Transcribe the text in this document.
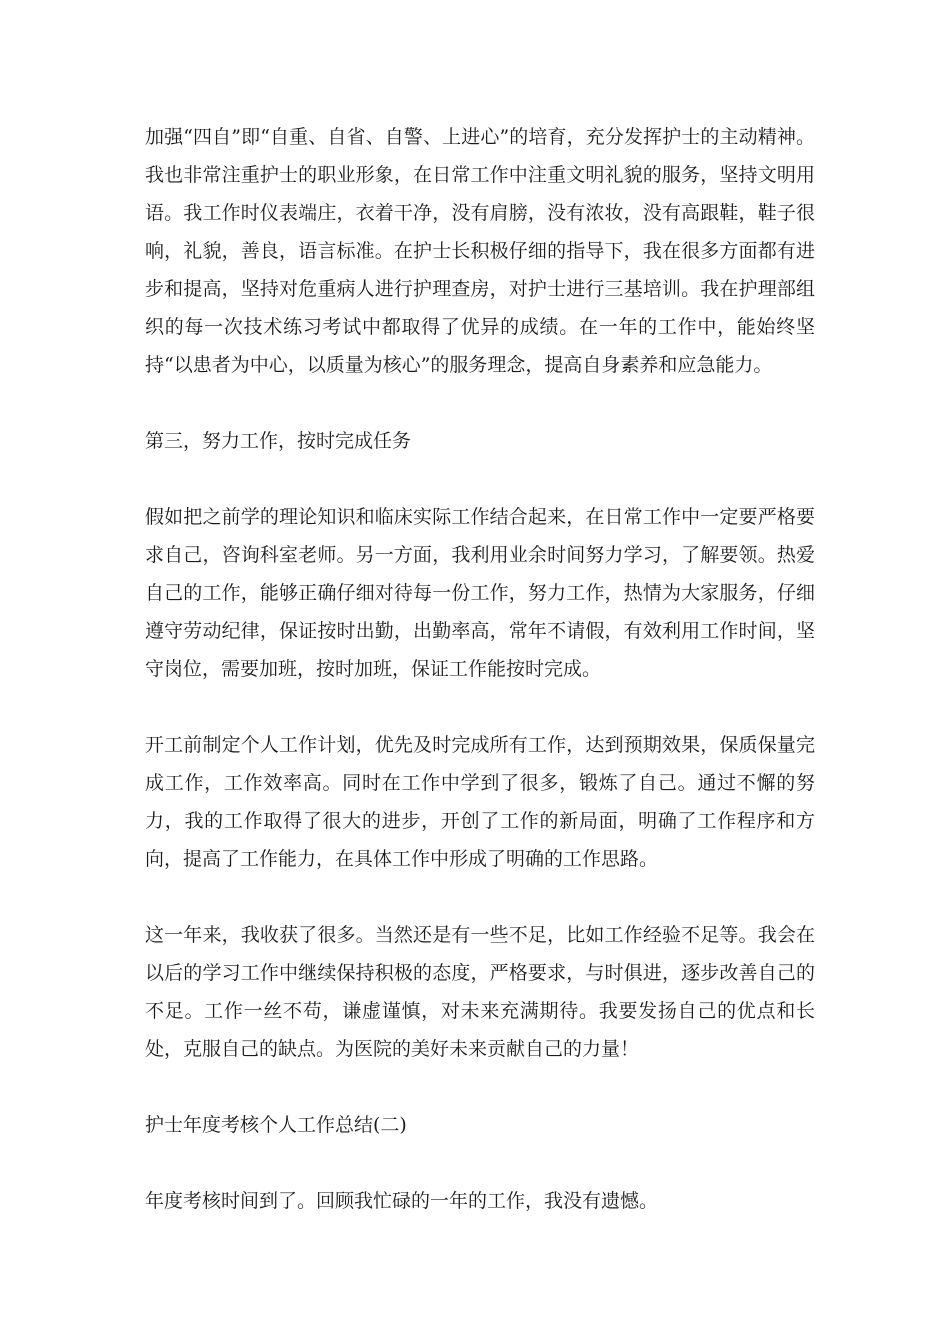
加强“四自”即“自重、自省、自警、上进心”的培育，充分发挥护士的主动精神。我也非常注重护士的职业形象，在日常工作中注重文明礼貌的服务，坚持文明用语。我工作时仪表端庄，衣着干净，没有肩膀，没有浓妆，没有高跟鞋，鞋子很响，礼貌，善良，语言标准。在护士长积极仔细的指导下，我在很多方面都有进步和提高，坚持对危重病人进行护理查房，对护士进行三基培训。我在护理部组织的每一次技术练习考试中都取得了优异的成绩。在一年的工作中，能始终坚持“以患者为中心，以质量为核心”的服务理念，提高自身素养和应急能力。

第三，努力工作，按时完成任务

假如把之前学的理论知识和临床实际工作结合起来，在日常工作中一定要严格要求自己，咨询科室老师。另一方面，我利用业余时间努力学习，了解要领。热爱自己的工作，能够正确仔细对待每一份工作，努力工作，热情为大家服务，仔细遵守劳动纪律，保证按时出勤，出勤率高，常年不请假，有效利用工作时间，坚守岗位，需要加班，按时加班，保证工作能按时完成。

开工前制定个人工作计划，优先及时完成所有工作，达到预期效果，保质保量完成工作，工作效率高。同时在工作中学到了很多，锻炼了自己。通过不懈的努力，我的工作取得了很大的进步，开创了工作的新局面，明确了工作程序和方向，提高了工作能力，在具体工作中形成了明确的工作思路。

这一年来，我收获了很多。当然还是有一些不足，比如工作经验不足等。我会在以后的学习工作中继续保持积极的态度，严格要求，与时俱进，逐步改善自己的不足。工作一丝不苟，谦虚谨慎，对未来充满期待。我要发扬自己的优点和长处，克服自己的缺点。为医院的美好未来贡献自己的力量！

护士年度考核个人工作总结(二)

年度考核时间到了。回顾我忙碌的一年的工作，我没有遗憾。
